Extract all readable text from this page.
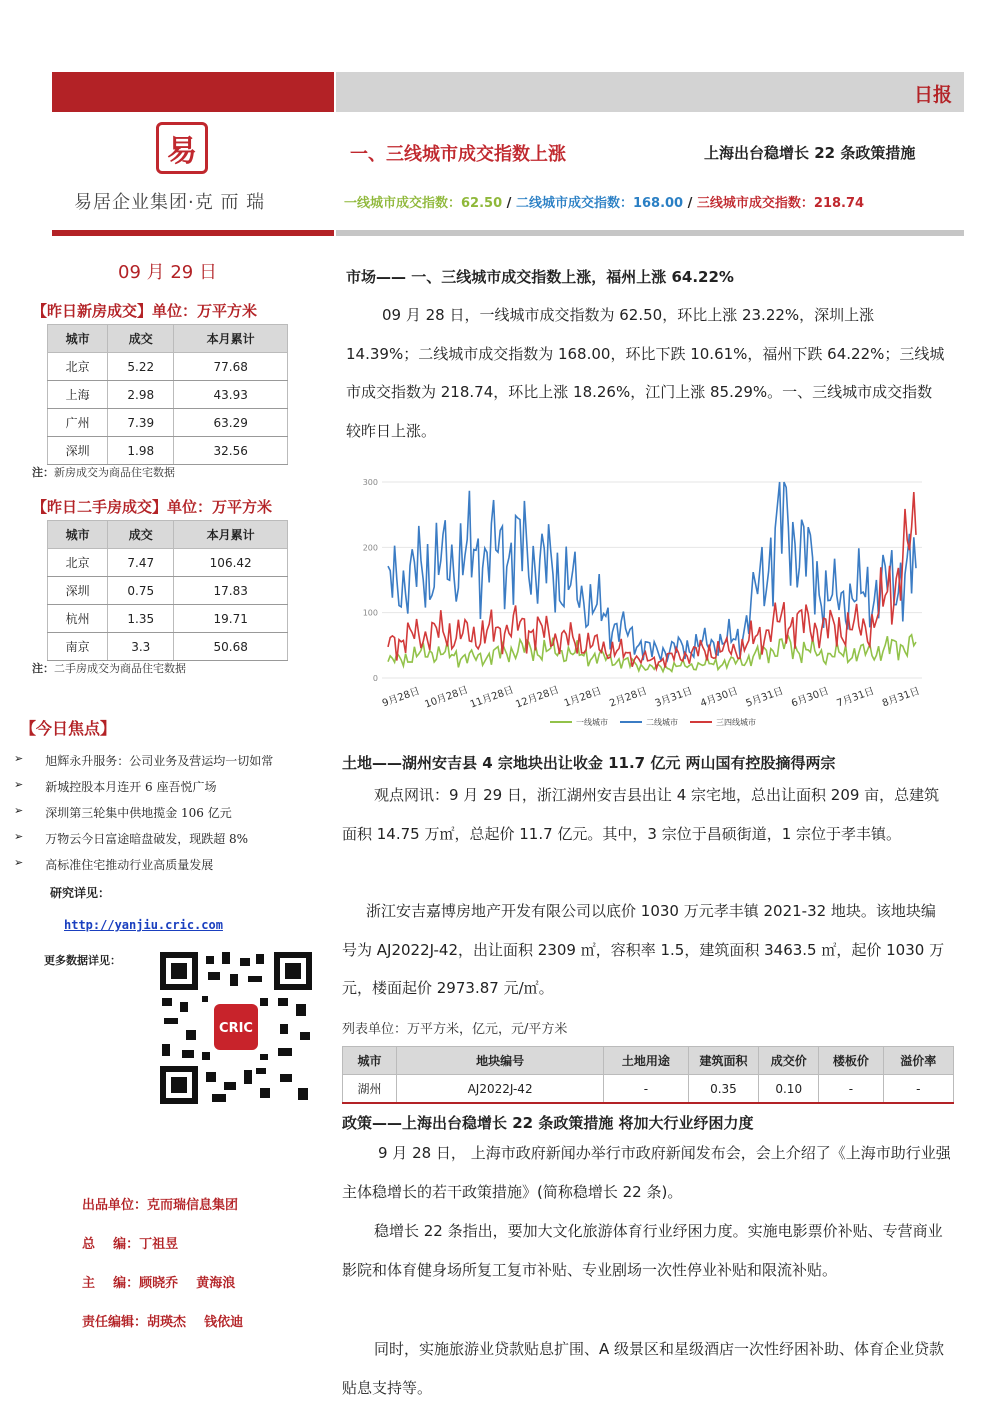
日报
易
易居企业集团·克 而 瑞
09 月 29 日
一、三线城市成交指数上涨	上海出台稳增长 22 条政策措施
一线城市成交指数：62.50 / 二线城市成交指数：168.00 / 三线城市成交指数：218.74
【昨日新房成交】单位：万平方米
城市	成交	本月累计
北京	5.22	77.68
上海	2.98	43.93
广州	7.39	63.29
深圳	1.98	32.56
注：新房成交为商品住宅数据
【昨日二手房成交】单位：万平方米
城市	成交	本月累计
北京	7.47	106.42
深圳	0.75	17.83
杭州	1.35	19.71
南京	3.3	50.68
注：二手房成交为商品住宅数据
【今日焦点】
➢ 旭辉永升服务：公司业务及营运均一切如常
➢ 新城控股本月连开 6 座吾悦广场
➢ 深圳第三轮集中供地揽金 106 亿元
➢ 万物云今日富途暗盘破发，现跌超 8%
➢ 高标准住宅推动行业高质量发展
研究详见：
http://yanjiu.cric.com
更多数据详见：
CRIC
出品单位：克而瑞信息集团
总    编：丁祖昱
主    编：顾晓乔    黄海浪
责任编辑：胡瑛杰    钱依迪
市场—— 一、三线城市成交指数上涨，福州上涨 64.22%
09 月 28 日，一线城市成交指数为 62.50，环比上涨 23.22%，深圳上涨 14.39%；二线城市成交指数为 168.00，环比下跌 10.61%，福州下跌 64.22%；三线城市成交指数为 218.74，环比上涨 18.26%，江门上涨 85.29%。一、三线城市成交指数较昨日上涨。
0
100
200
300
9月28日 10月28日
11月28日
12月28日 1月28日 2月28日 3月31日 4月30日 5月31日 6月30日 7月31日 8月31日
一线城市	二线城市	三四线城市
土地——湖州安吉县 4 宗地块出让收金 11.7 亿元 两山国有控股摘得两宗
观点网讯：9 月 29 日，浙江湖州安吉县出让 4 宗宅地，总出让面积 209 亩，总建筑面积 14.75 万㎡，总起价 11.7 亿元。其中，3 宗位于昌硕街道，1 宗位于孝丰镇。
浙江安吉嘉博房地产开发有限公司以底价 1030 万元孝丰镇 2021-32 地块。该地块编号为 AJ2022J-42，出让面积 2309 ㎡，容积率 1.5，建筑面积 3463.5 ㎡，起价 1030 万元，楼面起价 2973.87 元/㎡。
列表单位：万平方米，亿元，元/平方米
城市	地块编号	土地用途	建筑面积	成交价	楼板价	溢价率
湖州	AJ2022J-42	-	0.35	0.10	-	-
政策——上海出台稳增长 22 条政策措施 将加大行业纾困力度
9 月 28 日， 上海市政府新闻办举行市政府新闻发布会，会上介绍了《上海市助行业强主体稳增长的若干政策措施》(简称稳增长 22 条)。
稳增长 22 条指出，要加大文化旅游体育行业纾困力度。实施电影票价补贴、专营商业影院和体育健身场所复工复市补贴、专业剧场一次性停业补贴和限流补贴。
同时，实施旅游业贷款贴息扩围、A 级景区和星级酒店一次性纾困补助、体育企业贷款贴息支持等。
